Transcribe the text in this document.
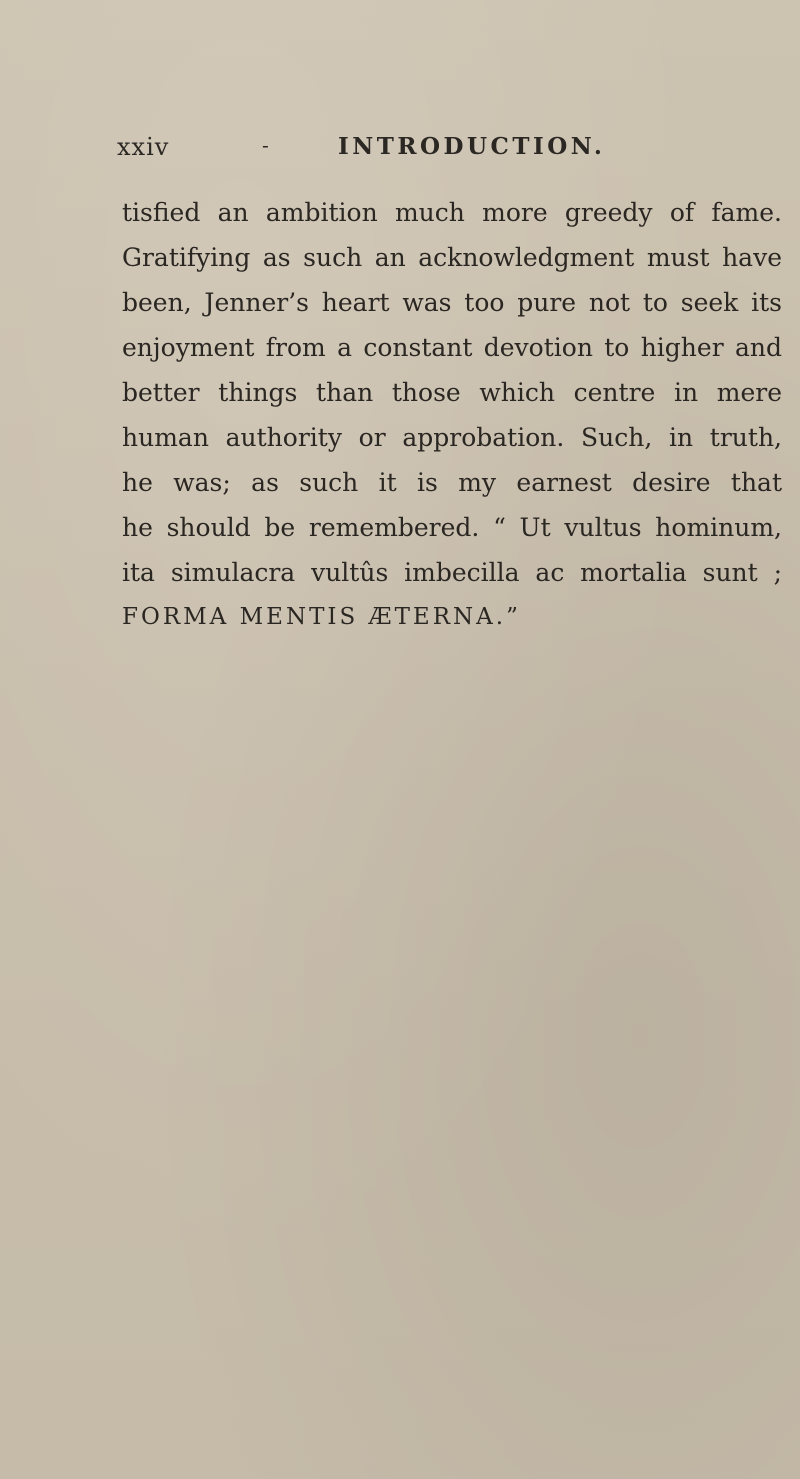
xxiv	-	INTRODUCTION.
tisfied an ambition much more greedy of fame.
Gratifying as such an acknowledgment must have
been, Jenner’s heart was too pure not to seek its
enjoyment from a constant devotion to higher and
better things than those which centre in mere
human authority or approbation. Such, in truth,
he was; as such it is my earnest desire that
he should be remembered. “ Ut vultus hominum,
ita simulacra vultûs imbecilla ac mortalia sunt ;
FORMA MENTIS ÆTERNA.”
